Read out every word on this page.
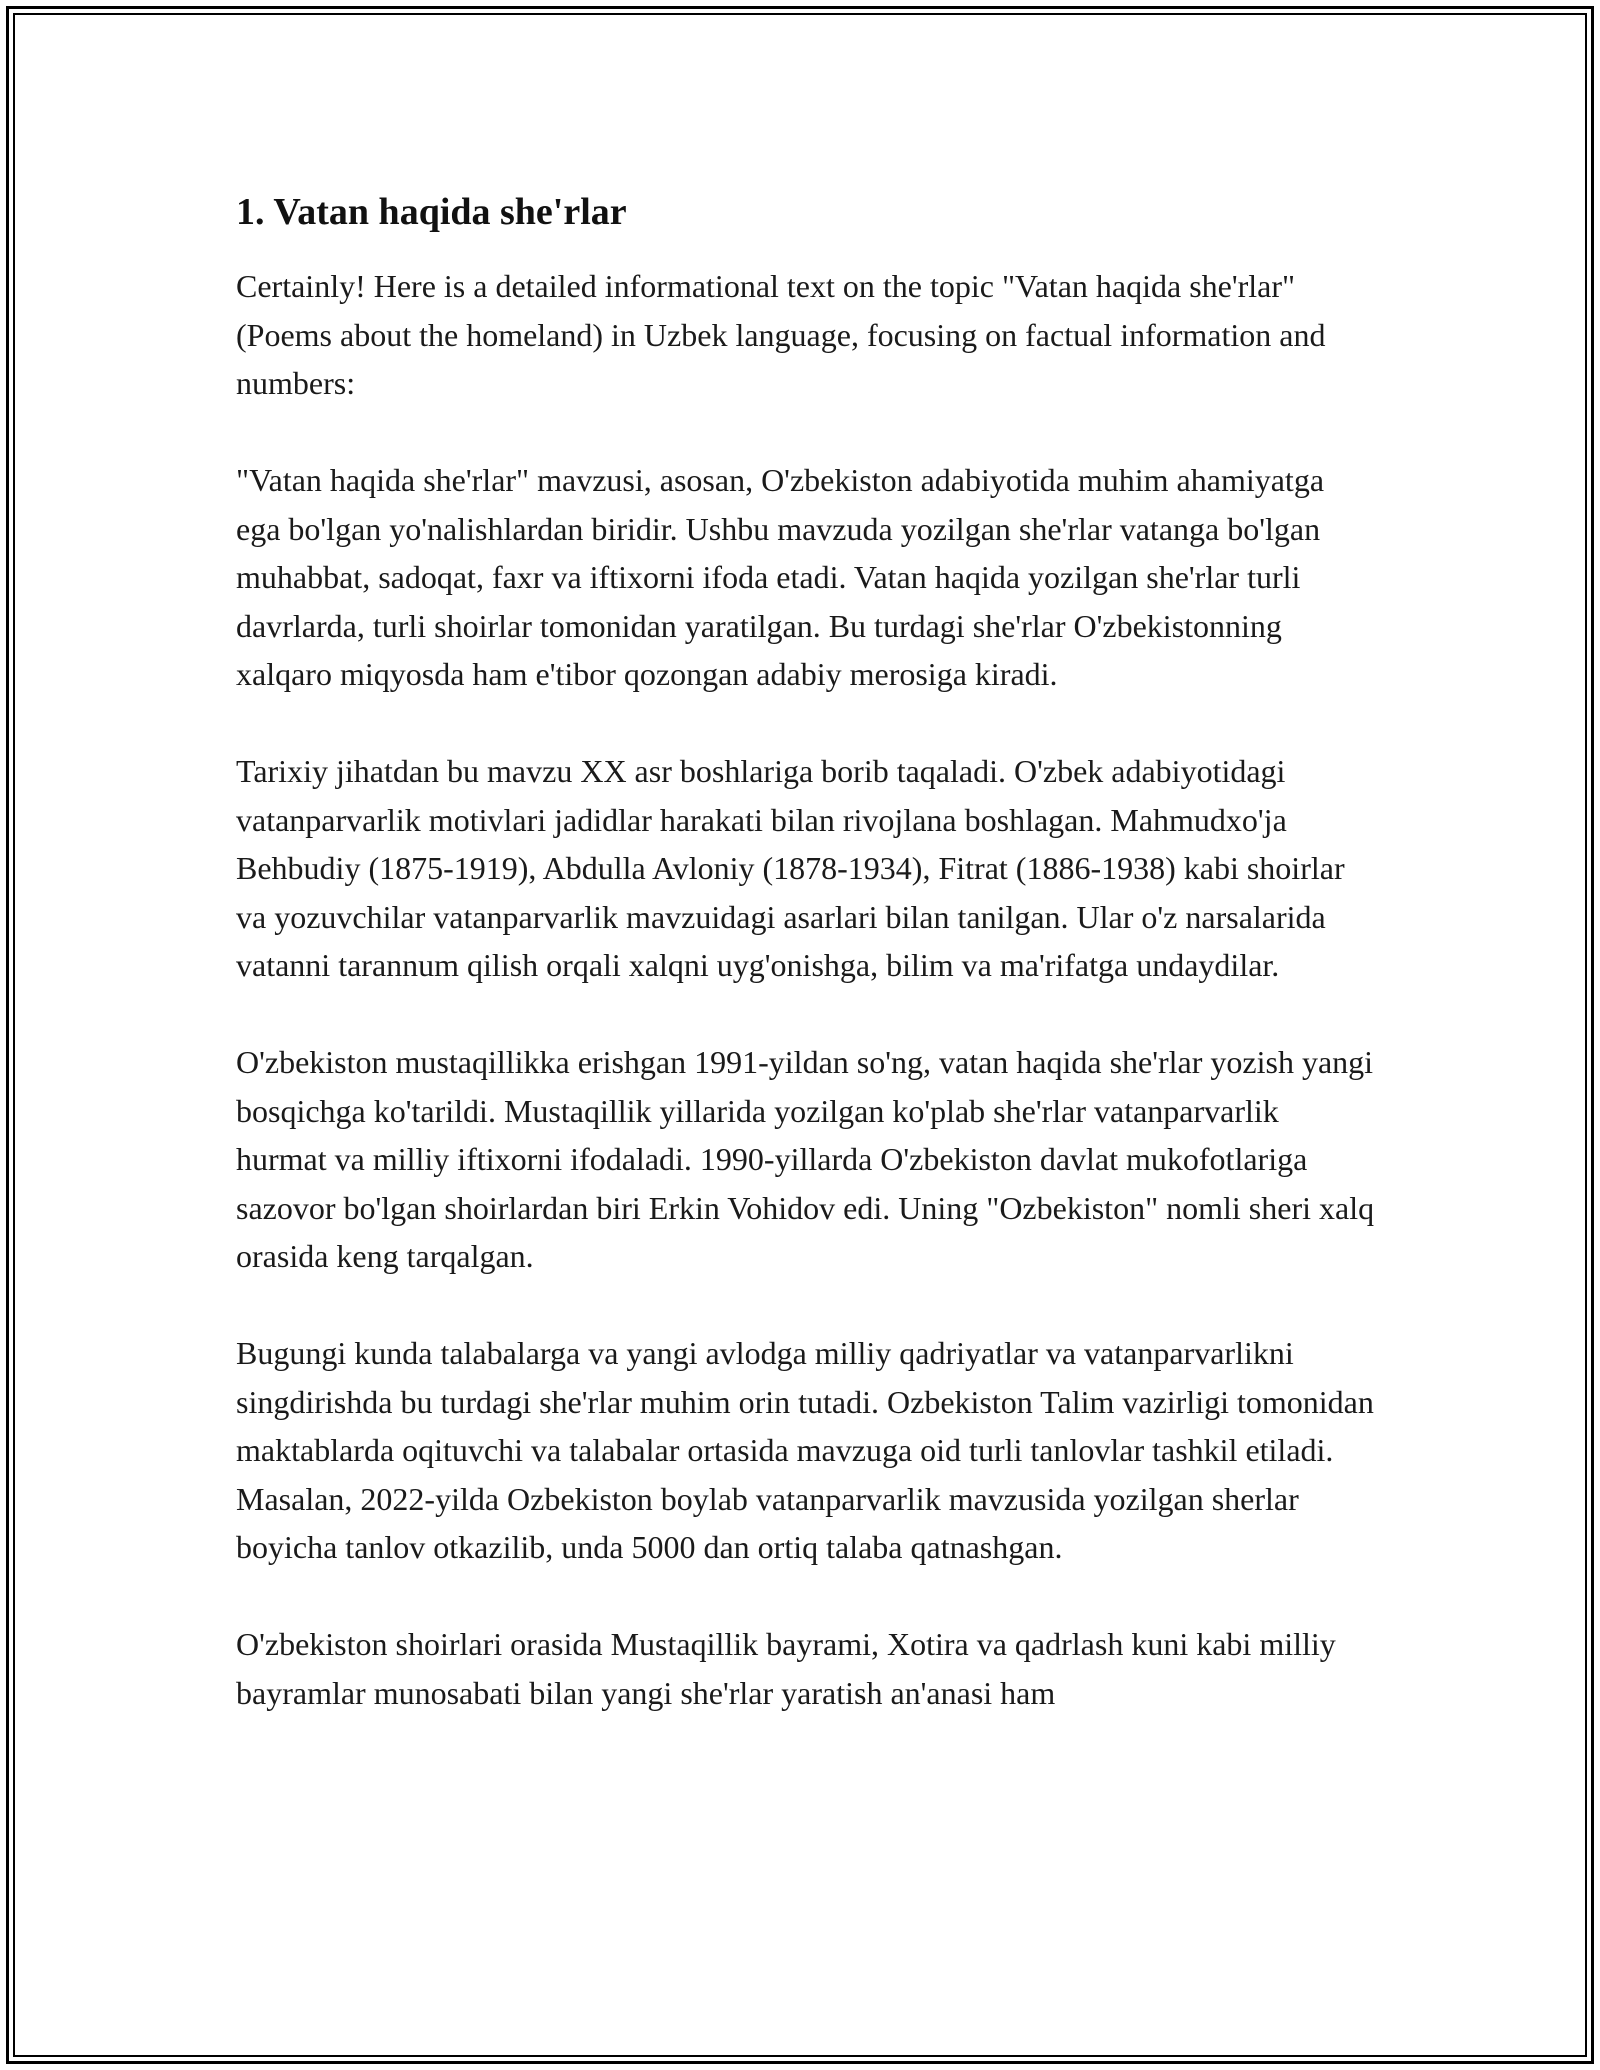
1. Vatan haqida she'rlar

Certainly! Here is a detailed informational text on the topic "Vatan haqida she'rlar" (Poems about the homeland) in Uzbek language, focusing on factual information and numbers:

"Vatan haqida she'rlar" mavzusi, asosan, O'zbekiston adabiyotida muhim ahamiyatga ega bo'lgan yo'nalishlardan biridir. Ushbu mavzuda yozilgan she'rlar vatanga bo'lgan muhabbat, sadoqat, faxr va iftixorni ifoda etadi. Vatan haqida yozilgan she'rlar turli davrlarda, turli shoirlar tomonidan yaratilgan. Bu turdagi she'rlar O'zbekistonning xalqaro miqyosda ham e'tibor qozongan adabiy merosiga kiradi.

Tarixiy jihatdan bu mavzu XX asr boshlariga borib taqaladi. O'zbek adabiyotidagi vatanparvarlik motivlari jadidlar harakati bilan rivojlana boshlagan. Mahmudxo'ja Behbudiy (1875-1919), Abdulla Avloniy (1878-1934), Fitrat (1886-1938) kabi shoirlar va yozuvchilar vatanparvarlik mavzuidagi asarlari bilan tanilgan. Ular o'z narsalarida vatanni tarannum qilish orqali xalqni uyg'onishga, bilim va ma'rifatga undaydilar.

O'zbekiston mustaqillikka erishgan 1991-yildan so'ng, vatan haqida she'rlar yozish yangi bosqichga ko'tarildi. Mustaqillik yillarida yozilgan ko'plab she'rlar vatanparvarlik hurmat va milliy iftixorni ifodaladi. 1990-yillarda O'zbekiston davlat mukofotlariga sazovor bo'lgan shoirlardan biri Erkin Vohidov edi. Uning "Ozbekiston" nomli sheri xalq orasida keng tarqalgan.

Bugungi kunda talabalarga va yangi avlodga milliy qadriyatlar va vatanparvarlikni singdirishda bu turdagi she'rlar muhim orin tutadi. Ozbekiston Talim vazirligi tomonidan maktablarda oqituvchi va talabalar ortasida mavzuga oid turli tanlovlar tashkil etiladi. Masalan, 2022-yilda Ozbekiston boylab vatanparvarlik mavzusida yozilgan sherlar boyicha tanlov otkazilib, unda 5000 dan ortiq talaba qatnashgan.

O'zbekiston shoirlari orasida Mustaqillik bayrami, Xotira va qadrlash kuni kabi milliy bayramlar munosabati bilan yangi she'rlar yaratish an'anasi ham
